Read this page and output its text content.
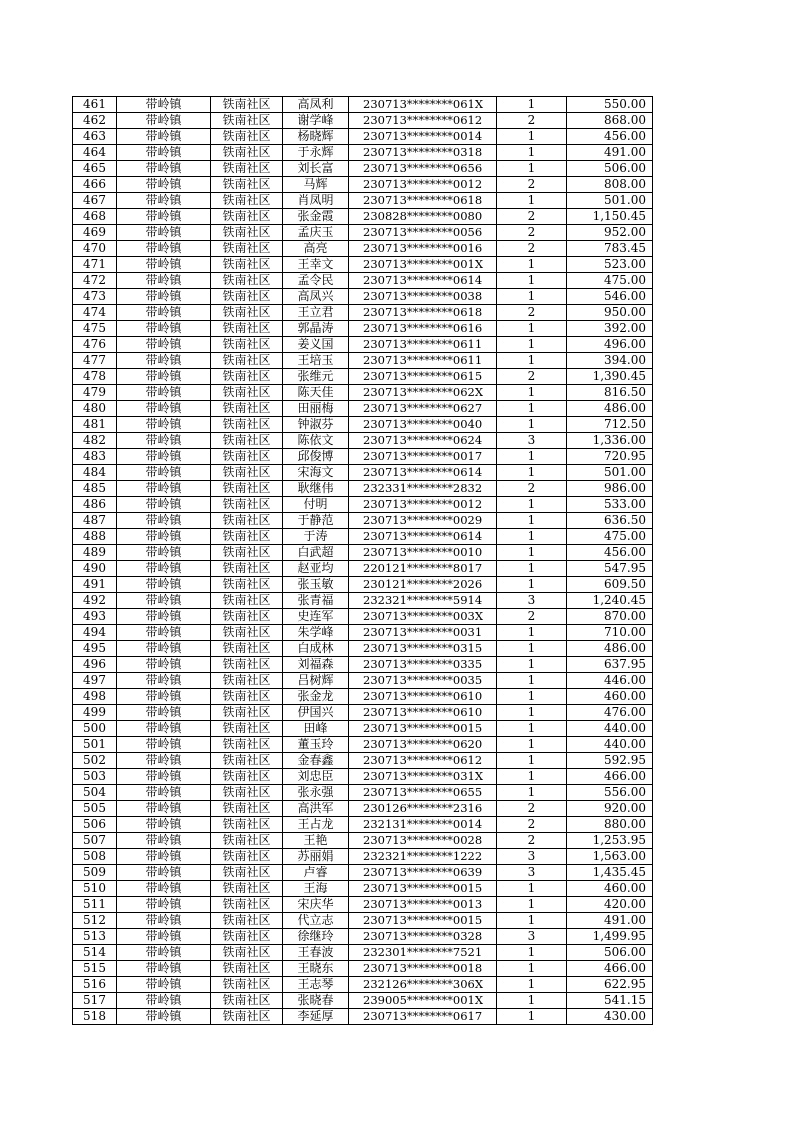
461	带岭镇	铁南社区	高凤利	230713********061X	1	550.00
462	带岭镇	铁南社区	谢学峰	230713********0612	2	868.00
463	带岭镇	铁南社区	杨晓辉	230713********0014	1	456.00
464	带岭镇	铁南社区	于永辉	230713********0318	1	491.00
465	带岭镇	铁南社区	刘长富	230713********0656	1	506.00
466	带岭镇	铁南社区	马辉	230713********0012	2	808.00
467	带岭镇	铁南社区	肖凤明	230713********0618	1	501.00
468	带岭镇	铁南社区	张金霞	230828********0080	2	1,150.45
469	带岭镇	铁南社区	孟庆玉	230713********0056	2	952.00
470	带岭镇	铁南社区	高亮	230713********0016	2	783.45
471	带岭镇	铁南社区	王幸文	230713********001X	1	523.00
472	带岭镇	铁南社区	孟令民	230713********0614	1	475.00
473	带岭镇	铁南社区	高凤兴	230713********0038	1	546.00
474	带岭镇	铁南社区	王立君	230713********0618	2	950.00
475	带岭镇	铁南社区	郭晶涛	230713********0616	1	392.00
476	带岭镇	铁南社区	姜义国	230713********0611	1	496.00
477	带岭镇	铁南社区	王培玉	230713********0611	1	394.00
478	带岭镇	铁南社区	张维元	230713********0615	2	1,390.45
479	带岭镇	铁南社区	陈天佳	230713********062X	1	816.50
480	带岭镇	铁南社区	田丽梅	230713********0627	1	486.00
481	带岭镇	铁南社区	钟淑芬	230713********0040	1	712.50
482	带岭镇	铁南社区	陈依文	230713********0624	3	1,336.00
483	带岭镇	铁南社区	邱俊博	230713********0017	1	720.95
484	带岭镇	铁南社区	宋海文	230713********0614	1	501.00
485	带岭镇	铁南社区	耿继伟	232331********2832	2	986.00
486	带岭镇	铁南社区	付明	230713********0012	1	533.00
487	带岭镇	铁南社区	于静范	230713********0029	1	636.50
488	带岭镇	铁南社区	于涛	230713********0614	1	475.00
489	带岭镇	铁南社区	白武超	230713********0010	1	456.00
490	带岭镇	铁南社区	赵亚均	220121********8017	1	547.95
491	带岭镇	铁南社区	张玉敏	230121********2026	1	609.50
492	带岭镇	铁南社区	张青福	232321********5914	3	1,240.45
493	带岭镇	铁南社区	史连军	230713********003X	2	870.00
494	带岭镇	铁南社区	朱学峰	230713********0031	1	710.00
495	带岭镇	铁南社区	白成林	230713********0315	1	486.00
496	带岭镇	铁南社区	刘福森	230713********0335	1	637.95
497	带岭镇	铁南社区	吕树辉	230713********0035	1	446.00
498	带岭镇	铁南社区	张金龙	230713********0610	1	460.00
499	带岭镇	铁南社区	伊国兴	230713********0610	1	476.00
500	带岭镇	铁南社区	田峰	230713********0015	1	440.00
501	带岭镇	铁南社区	董玉玲	230713********0620	1	440.00
502	带岭镇	铁南社区	金春鑫	230713********0612	1	592.95
503	带岭镇	铁南社区	刘忠臣	230713********031X	1	466.00
504	带岭镇	铁南社区	张永强	230713********0655	1	556.00
505	带岭镇	铁南社区	高洪军	230126********2316	2	920.00
506	带岭镇	铁南社区	王占龙	232131********0014	2	880.00
507	带岭镇	铁南社区	王艳	230713********0028	2	1,253.95
508	带岭镇	铁南社区	苏丽娟	232321********1222	3	1,563.00
509	带岭镇	铁南社区	卢睿	230713********0639	3	1,435.45
510	带岭镇	铁南社区	王海	230713********0015	1	460.00
511	带岭镇	铁南社区	宋庆华	230713********0013	1	420.00
512	带岭镇	铁南社区	代立志	230713********0015	1	491.00
513	带岭镇	铁南社区	徐继玲	230713********0328	3	1,499.95
514	带岭镇	铁南社区	王春波	232301********7521	1	506.00
515	带岭镇	铁南社区	王晓东	230713********0018	1	466.00
516	带岭镇	铁南社区	王志琴	232126********306X	1	622.95
517	带岭镇	铁南社区	张晓春	239005********001X	1	541.15
518	带岭镇	铁南社区	李延厚	230713********0617	1	430.00
